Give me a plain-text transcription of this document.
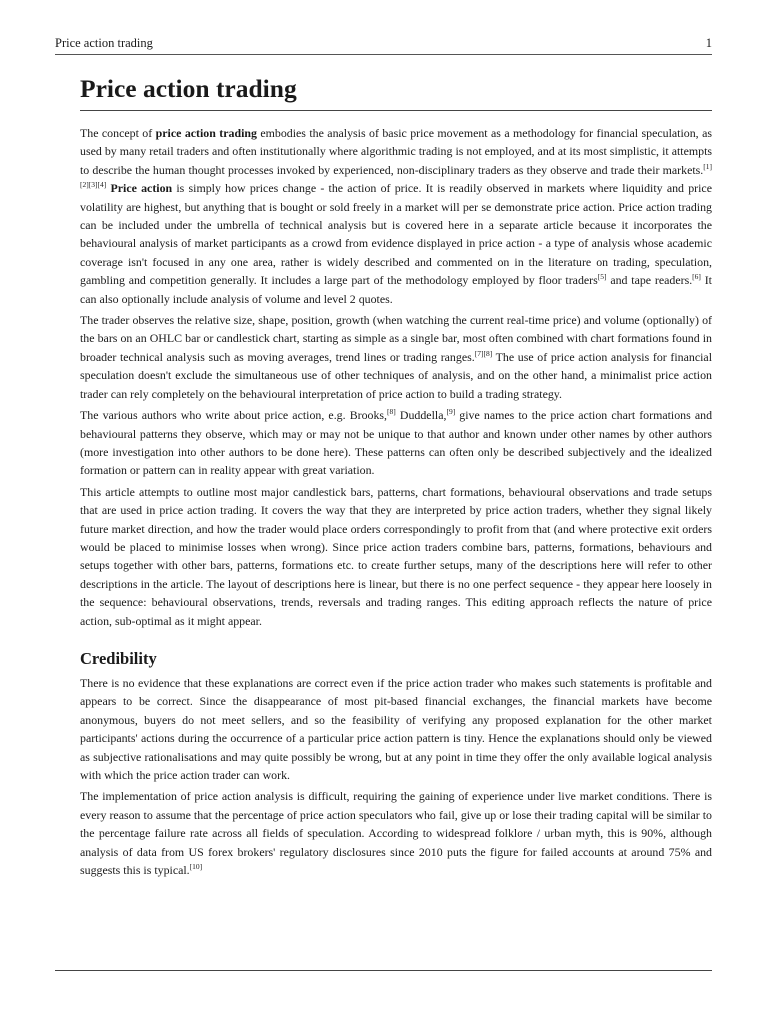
Price action trading	1
Price action trading

The concept of price action trading embodies the analysis of basic price movement as a methodology for financial speculation, as used by many retail traders and often institutionally where algorithmic trading is not employed, and at its most simplistic, it attempts to describe the human thought processes invoked by experienced, non-disciplinary traders as they observe and trade their markets.[1][2][3][4] Price action is simply how prices change - the action of price. It is readily observed in markets where liquidity and price volatility are highest, but anything that is bought or sold freely in a market will per se demonstrate price action. Price action trading can be included under the umbrella of technical analysis but is covered here in a separate article because it incorporates the behavioural analysis of market participants as a crowd from evidence displayed in price action - a type of analysis whose academic coverage isn't focused in any one area, rather is widely described and commented on in the literature on trading, speculation, gambling and competition generally. It includes a large part of the methodology employed by floor traders[5] and tape readers.[6] It can also optionally include analysis of volume and level 2 quotes.

The trader observes the relative size, shape, position, growth (when watching the current real-time price) and volume (optionally) of the bars on an OHLC bar or candlestick chart, starting as simple as a single bar, most often combined with chart formations found in broader technical analysis such as moving averages, trend lines or trading ranges.[7][8] The use of price action analysis for financial speculation doesn't exclude the simultaneous use of other techniques of analysis, and on the other hand, a minimalist price action trader can rely completely on the behavioural interpretation of price action to build a trading strategy.

The various authors who write about price action, e.g. Brooks,[8] Duddella,[9] give names to the price action chart formations and behavioural patterns they observe, which may or may not be unique to that author and known under other names by other authors (more investigation into other authors to be done here). These patterns can often only be described subjectively and the idealized formation or pattern can in reality appear with great variation.

This article attempts to outline most major candlestick bars, patterns, chart formations, behavioural observations and trade setups that are used in price action trading. It covers the way that they are interpreted by price action traders, whether they signal likely future market direction, and how the trader would place orders correspondingly to profit from that (and where protective exit orders would be placed to minimise losses when wrong). Since price action traders combine bars, patterns, formations, behaviours and setups together with other bars, patterns, formations etc. to create further setups, many of the descriptions here will refer to other descriptions in the article. The layout of descriptions here is linear, but there is no one perfect sequence - they appear here loosely in the sequence: behavioural observations, trends, reversals and trading ranges. This editing approach reflects the nature of price action, sub-optimal as it might appear.

Credibility

There is no evidence that these explanations are correct even if the price action trader who makes such statements is profitable and appears to be correct. Since the disappearance of most pit-based financial exchanges, the financial markets have become anonymous, buyers do not meet sellers, and so the feasibility of verifying any proposed explanation for the other market participants' actions during the occurrence of a particular price action pattern is tiny. Hence the explanations should only be viewed as subjective rationalisations and may quite possibly be wrong, but at any point in time they offer the only available logical analysis with which the price action trader can work.

The implementation of price action analysis is difficult, requiring the gaining of experience under live market conditions. There is every reason to assume that the percentage of price action speculators who fail, give up or lose their trading capital will be similar to the percentage failure rate across all fields of speculation. According to widespread folklore / urban myth, this is 90%, although analysis of data from US forex brokers' regulatory disclosures since 2010 puts the figure for failed accounts at around 75% and suggests this is typical.[10]
